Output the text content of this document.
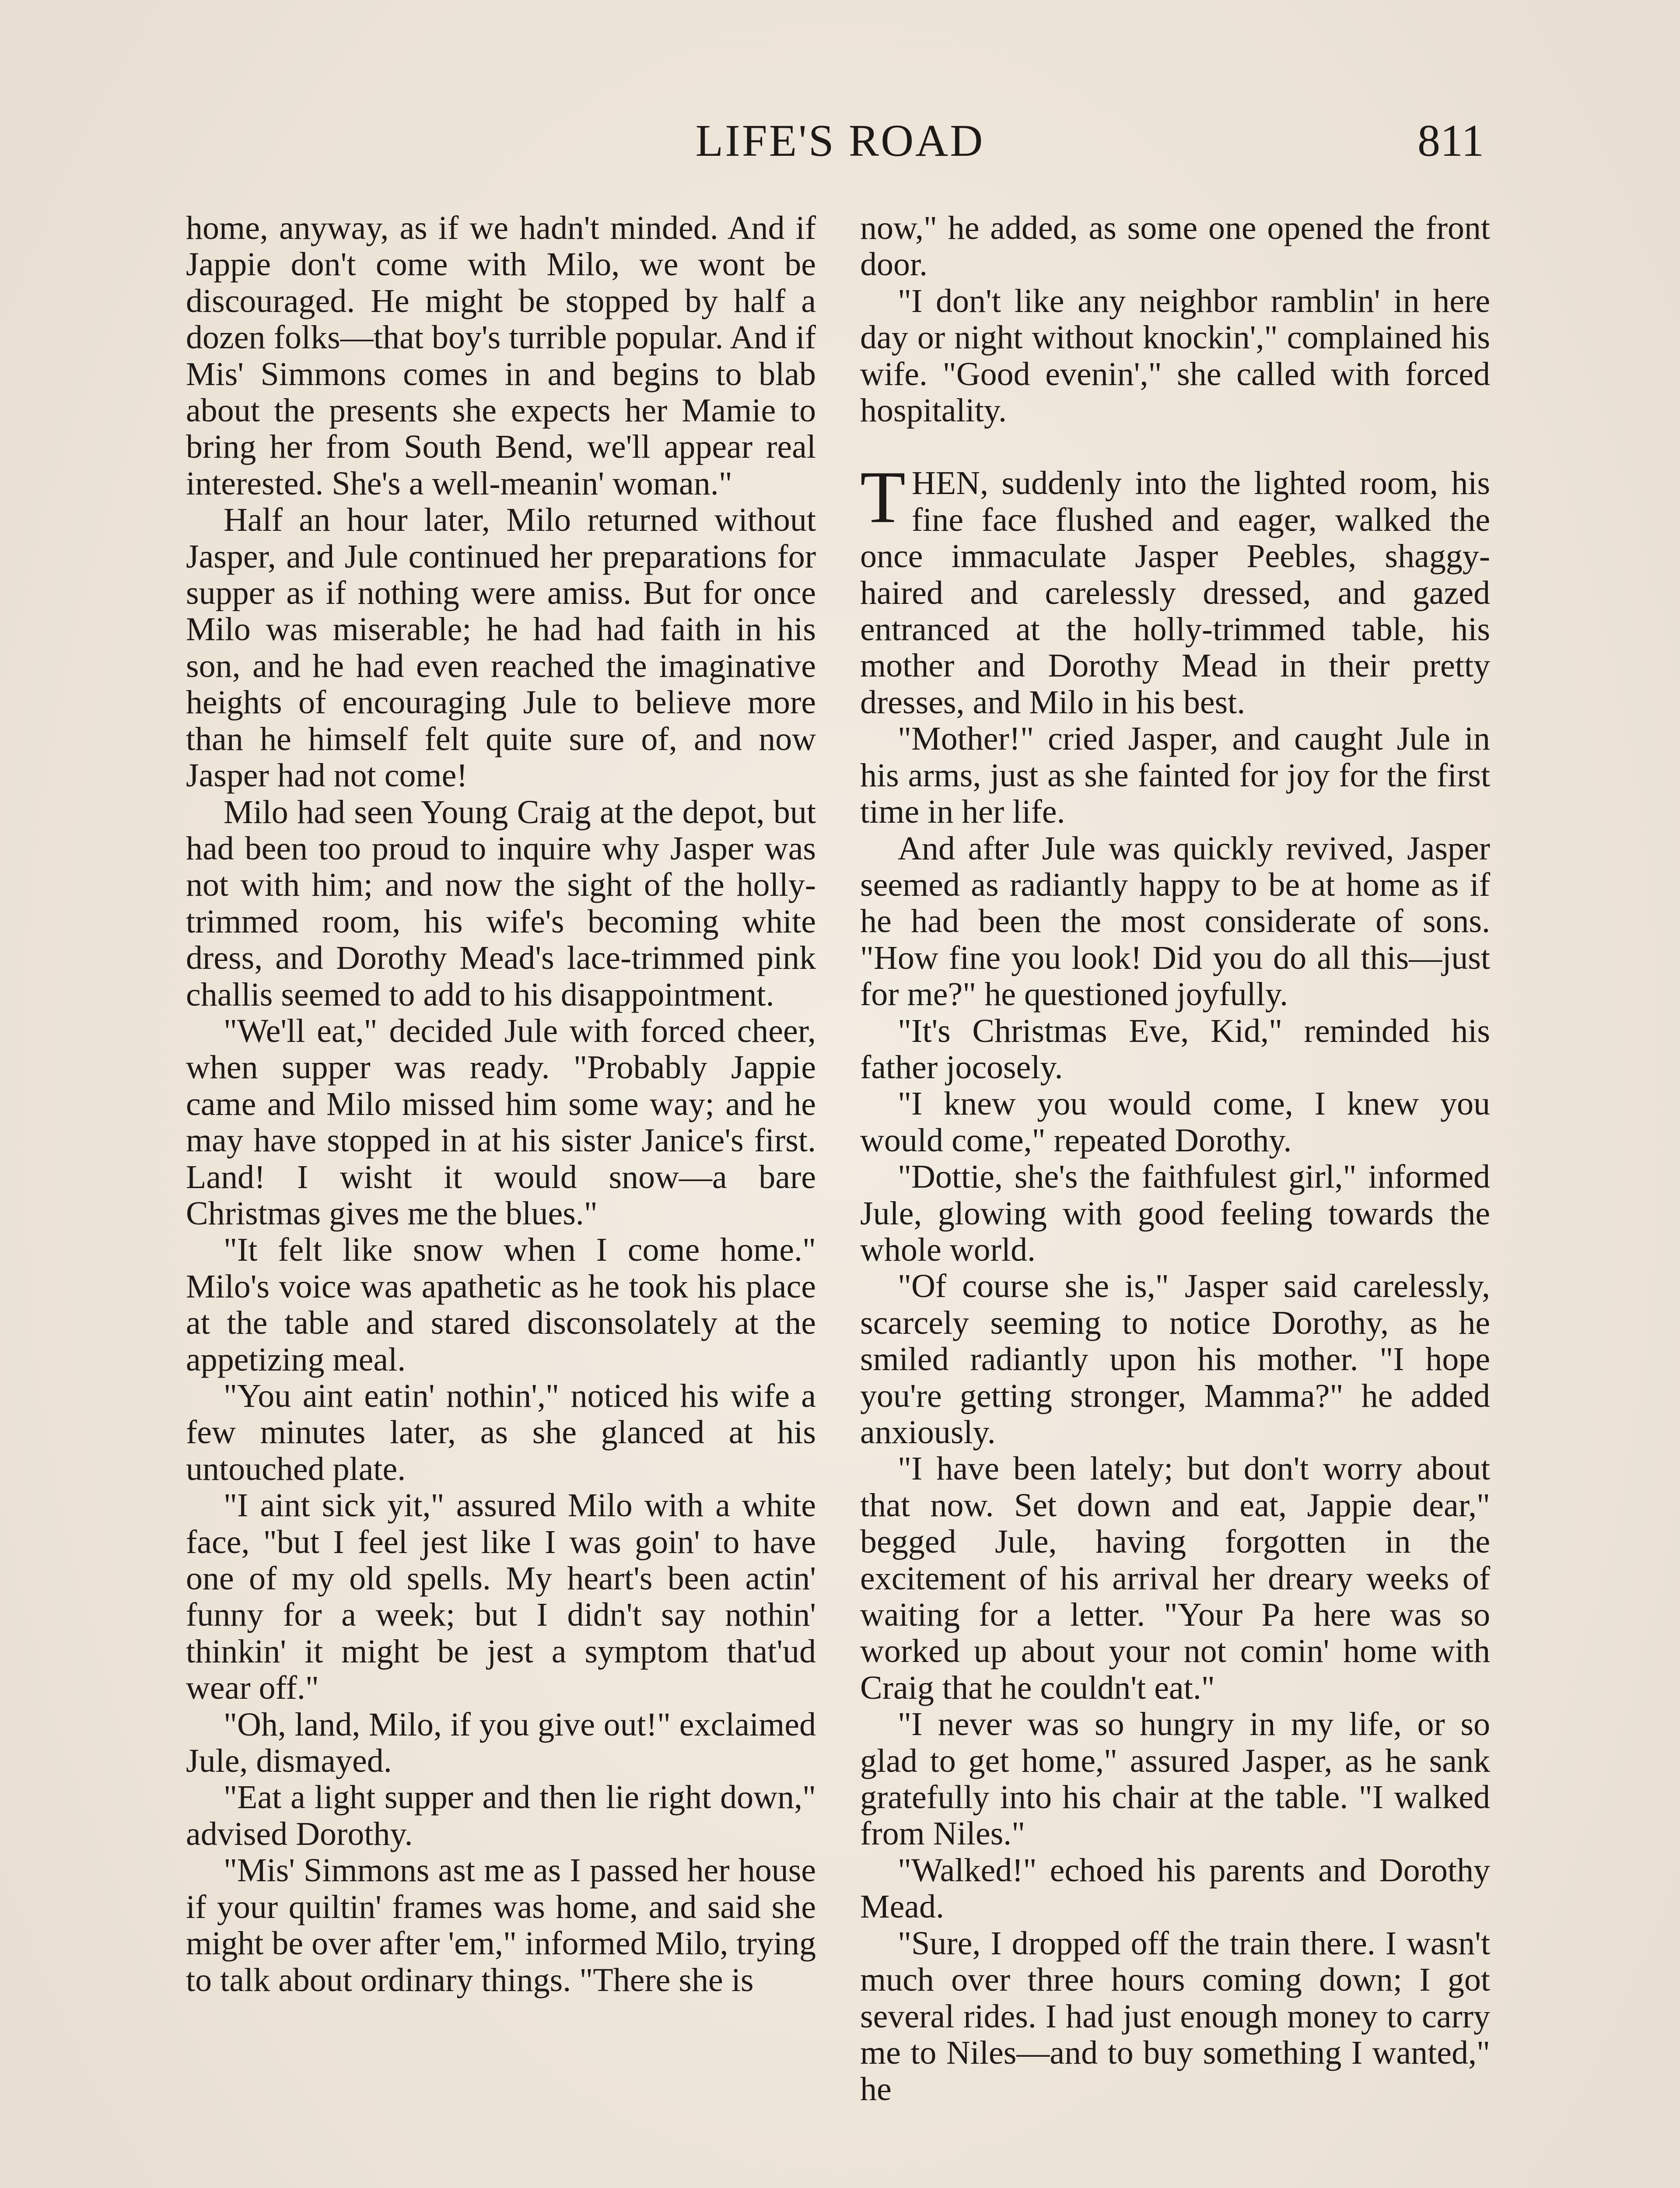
LIFE'S ROAD	811

home, anyway, as if we hadn't minded. And if Jappie don't come with Milo, we wont be discouraged. He might be stopped by half a dozen folks—that boy's turrible popular. And if Mis' Simmons comes in and begins to blab about the presents she expects her Mamie to bring her from South Bend, we'll appear real interested. She's a well-meanin' woman."

Half an hour later, Milo returned without Jasper, and Jule continued her preparations for supper as if nothing were amiss. But for once Milo was miserable; he had had faith in his son, and he had even reached the imaginative heights of encouraging Jule to believe more than he himself felt quite sure of, and now Jasper had not come!

Milo had seen Young Craig at the depot, but had been too proud to inquire why Jasper was not with him; and now the sight of the holly-trimmed room, his wife's becoming white dress, and Dorothy Mead's lace-trimmed pink challis seemed to add to his disappointment.

"We'll eat," decided Jule with forced cheer, when supper was ready. "Probably Jappie came and Milo missed him some way; and he may have stopped in at his sister Janice's first. Land! I wisht it would snow—a bare Christmas gives me the blues."

"It felt like snow when I come home." Milo's voice was apathetic as he took his place at the table and stared disconsolately at the appetizing meal.

"You aint eatin' nothin'," noticed his wife a few minutes later, as she glanced at his untouched plate.

"I aint sick yit," assured Milo with a white face, "but I feel jest like I was goin' to have one of my old spells. My heart's been actin' funny for a week; but I didn't say nothin' thinkin' it might be jest a symptom that'ud wear off."

"Oh, land, Milo, if you give out!" exclaimed Jule, dismayed.

"Eat a light supper and then lie right down," advised Dorothy.

"Mis' Simmons ast me as I passed her house if your quiltin' frames was home, and said she might be over after 'em," informed Milo, trying to talk about ordinary things. "There she is

now," he added, as some one opened the front door.

"I don't like any neighbor ramblin' in here day or night without knockin'," complained his wife. "Good evenin'," she called with forced hospitality.

THEN, suddenly into the lighted room, his fine face flushed and eager, walked the once immaculate Jasper Peebles, shaggy-haired and carelessly dressed, and gazed entranced at the holly-trimmed table, his mother and Dorothy Mead in their pretty dresses, and Milo in his best.

"Mother!" cried Jasper, and caught Jule in his arms, just as she fainted for joy for the first time in her life.

And after Jule was quickly revived, Jasper seemed as radiantly happy to be at home as if he had been the most considerate of sons. "How fine you look! Did you do all this—just for me?" he questioned joyfully.

"It's Christmas Eve, Kid," reminded his father jocosely.

"I knew you would come, I knew you would come," repeated Dorothy.

"Dottie, she's the faithfulest girl," informed Jule, glowing with good feeling towards the whole world.

"Of course she is," Jasper said carelessly, scarcely seeming to notice Dorothy, as he smiled radiantly upon his mother. "I hope you're getting stronger, Mamma?" he added anxiously.

"I have been lately; but don't worry about that now. Set down and eat, Jappie dear," begged Jule, having forgotten in the excitement of his arrival her dreary weeks of waiting for a letter. "Your Pa here was so worked up about your not comin' home with Craig that he couldn't eat."

"I never was so hungry in my life, or so glad to get home," assured Jasper, as he sank gratefully into his chair at the table. "I walked from Niles."

"Walked!" echoed his parents and Dorothy Mead.

"Sure, I dropped off the train there. I wasn't much over three hours coming down; I got several rides. I had just enough money to carry me to Niles—and to buy something I wanted," he
